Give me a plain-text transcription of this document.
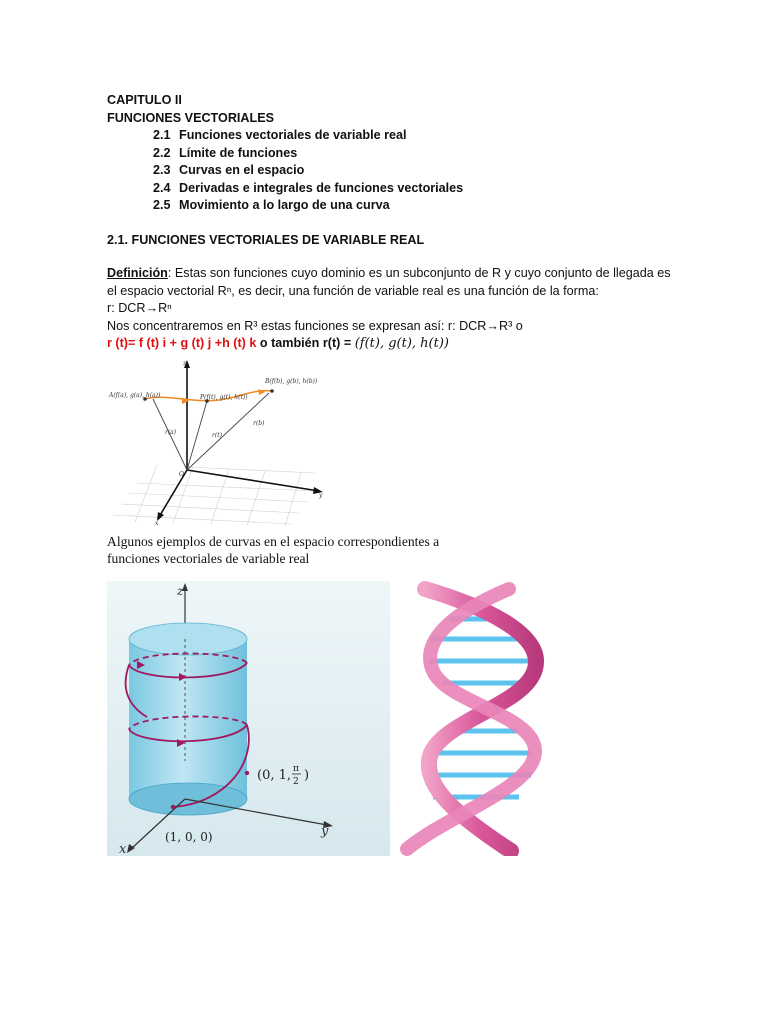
CAPITULO II
FUNCIONES VECTORIALES
2.1 Funciones vectoriales de variable real
2.2 Límite de funciones
2.3 Curvas en el espacio
2.4 Derivadas e integrales de funciones vectoriales
2.5 Movimiento a lo largo de una curva
2.1. FUNCIONES VECTORIALES DE VARIABLE REAL
Definición: Estas son funciones cuyo dominio es un subconjunto de R y cuyo conjunto de llegada es
el espacio vectorial Rⁿ, es decir, una función de variable real es una función de la forma:
r: DCR→Rⁿ
Nos concentraremos en R³ estas funciones se expresan así: r: DCR→R³ o
r (t)= f (t) i + g (t) j +h (t) k o también r(t) = (f(t), g(t), h(t))
z
y
x
A(f(a), g(a), h(a))
B(f(b), g(b), h(b))
P(f(t), g(t), h(t))
r(a)	r(t)
r(b)
O
Algunos ejemplos de curvas en el espacio correspondientes a
funciones vectoriales de variable real
z
y
x
(1, 0, 0)
(0, 1, π
2 )
